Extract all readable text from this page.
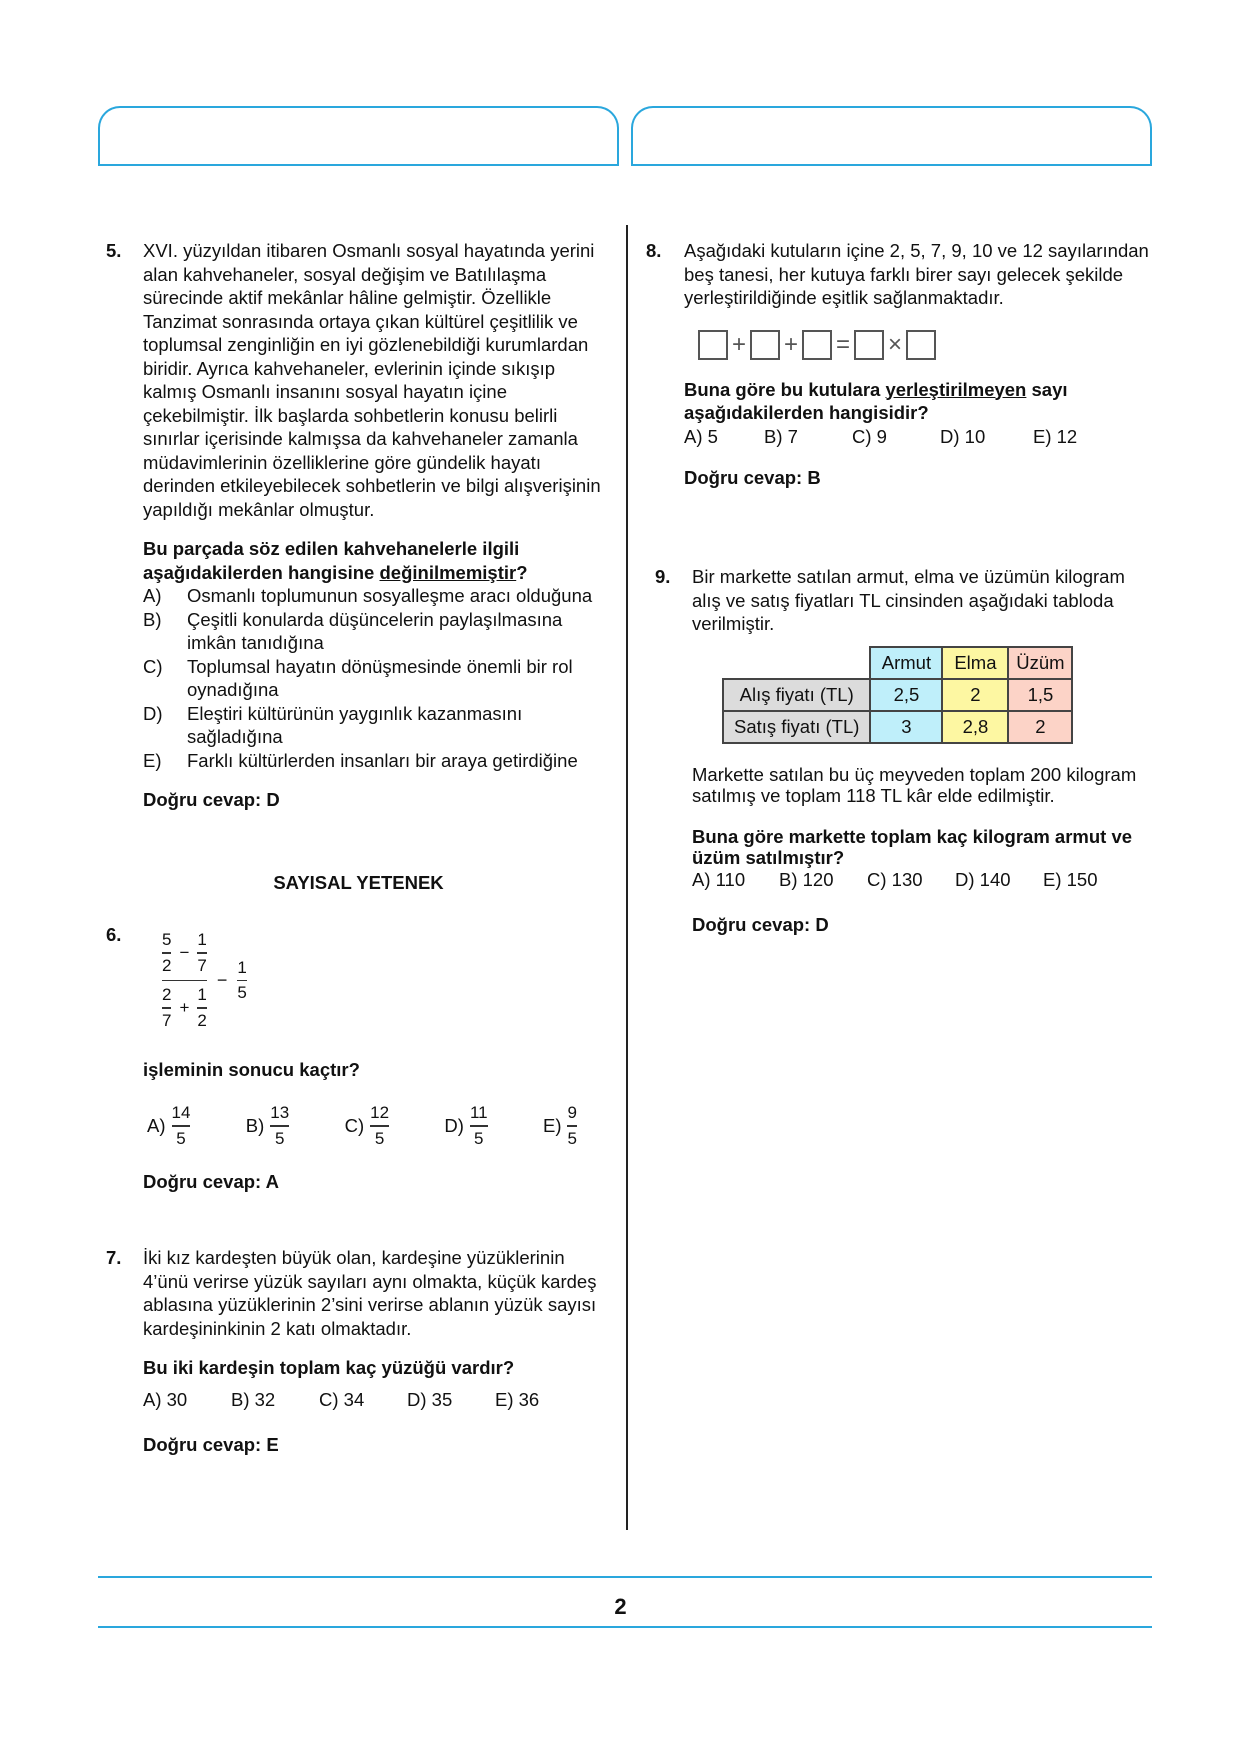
5. XVI. yüzyıldan itibaren Osmanlı sosyal hayatında yerini alan kahvehaneler, sosyal değişim ve Batılılaşma sürecinde aktif mekânlar hâline gelmiştir. Özellikle Tanzimat sonrasında ortaya çıkan kültürel çeşitlilik ve toplumsal zenginliğin en iyi gözlenebildiği kurumlardan biridir. Ayrıca kahvehaneler, evlerinin içinde sıkışıp kalmış Osmanlı insanını sosyal hayatın içine çekebilmiştir. İlk başlarda sohbetlerin konusu belirli sınırlar içerisinde kalmışsa da kahvehaneler zamanla müdavimlerinin özelliklerine göre gündelik hayatı derinden etkileyebilecek sohbetlerin ve bilgi alışverişinin yapıldığı mekânlar olmuştur.

Bu parçada söz edilen kahvehanelerle ilgili aşağıdakilerden hangisine değinilmemiştir?

A)	Osmanlı toplumunun sosyalleşme aracı olduğuna
B)	Çeşitli konularda düşüncelerin paylaşılmasına imkân tanıdığına
C)	Toplumsal hayatın dönüşmesinde önemli bir rol oynadığına
D)	Eleştiri kültürünün yaygınlık kazanmasını sağladığına
E)	Farklı kültürlerden insanları bir araya getirdiğine

Doğru cevap: D

SAYISAL YETENEK
6. $\frac{\frac{5}{2} - \frac{1}{7}}{\frac{2}{7} + \frac{1}{2}} - \frac{1}{5}$
işleminin sonucu kaçtır?
$A) \frac{14}{5}$	$B) \frac{13}{5}$	$C) \frac{12}{5}$	$D) \frac{11}{5}$	$E) \frac{9}{5}$
Doğru cevap: A
7. İki kız kardeşten büyük olan, kardeşine yüzüklerinin 4’ünü verirse yüzük sayıları aynı olmakta, küçük kardeş ablasına yüzüklerinin 2’sini verirse ablanın yüzük sayısı kardeşininkinin 2 katı olmaktadır.

Bu iki kardeşin toplam kaç yüzüğü vardır?

A) 30	B) 32	C) 34	D) 35	E) 36

Doğru cevap: E

8. Aşağıdaki kutuların içine 2, 5, 7, 9, 10 ve 12 sayılarından beş tanesi, her kutuya farklı birer sayı gelecek şekilde yerleştirildiğinde eşitlik sağlanmaktadır.

+ + = ×

Buna göre bu kutulara yerleştirilmeyen sayı aşağıdakilerden hangisidir?

A) 5	B) 7	C) 9	D) 10	E) 12

Doğru cevap: B

9. Bir markette satılan armut, elma ve üzümün kilogram alış ve satış fiyatları TL cinsinden aşağıdaki tabloda verilmiştir.

	Armut	Elma	Üzüm
Alış fiyatı (TL)	2,5	2	1,5
Satış fiyatı (TL)	3	2,8	2

Markette satılan bu üç meyveden toplam 200 kilogram satılmış ve toplam 118 TL kâr elde edilmiştir.

Buna göre markette toplam kaç kilogram armut ve üzüm satılmıştır?

A) 110	B) 120	C) 130	D) 140	E) 150

Doğru cevap: D

2
